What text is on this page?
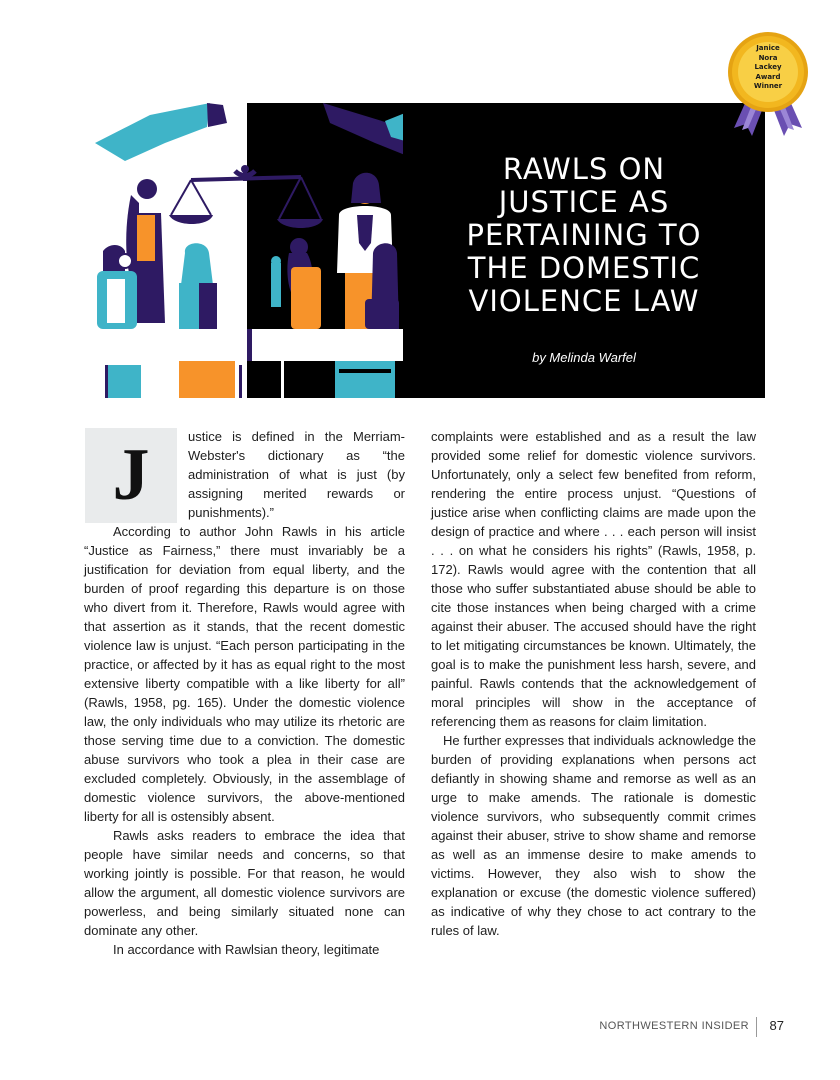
RAWLS ON
JUSTICE AS
PERTAINING TO
THE DOMESTIC
VIOLENCE LAW
by Melinda Warfel
Janice
Nora
Lackey
Award
Winner
J	ustice is defined in the Merriam-Webster's dictionary as “the administration of what is just (by assigning merited rewards or punishments).”

According to author John Rawls in his article “Justice as Fairness,” there must invariably be a justification for deviation from equal liberty, and the burden of proof regarding this departure is on those who divert from it. Therefore, Rawls would agree with that assertion as it stands, that the recent domestic violence law is unjust. “Each person participating in the practice, or affected by it has as equal right to the most extensive liberty compatible with a like liberty for all” (Rawls, 1958, pg. 165). Under the domestic violence law, the only individuals who may utilize its rhetoric are those serving time due to a conviction. The domestic abuse survivors who took a plea in their case are excluded completely. Obviously, in the assemblage of domestic violence survivors, the above-mentioned liberty for all is ostensibly absent.

Rawls asks readers to embrace the idea that people have similar needs and concerns, so that working jointly is possible. For that reason, he would allow the argument, all domestic violence survivors are powerless, and being similarly situated none can dominate any other.

In accordance with Rawlsian theory, legitimate

complaints were established and as a result the law provided some relief for domestic violence survivors. Unfortunately, only a select few benefited from reform, rendering the entire process unjust. “Questions of justice arise when conflicting claims are made upon the design of practice and where . . . each person will insist . . . on what he considers his rights” (Rawls, 1958, p. 172). Rawls would agree with the contention that all those who suffer substantiated abuse should be able to cite those instances when being charged with a crime against their abuser. The accused should have the right to let mitigating circumstances be known. Ultimately, the goal is to make the punishment less harsh, severe, and painful. Rawls contends that the acknowledgement of moral principles will show in the acceptance of referencing them as reasons for claim limitation.

He further expresses that individuals acknowledge the burden of providing explanations when persons act defiantly in showing shame and remorse as well as an urge to make amends. The rationale is domestic violence survivors, who subsequently commit crimes against their abuser, strive to show shame and remorse as well as an immense desire to make amends to victims. However, they also wish to show the explanation or excuse (the domestic violence suffered) as indicative of why they chose to act contrary to the rules of law.

NORTHWESTERN INSIDER 87
